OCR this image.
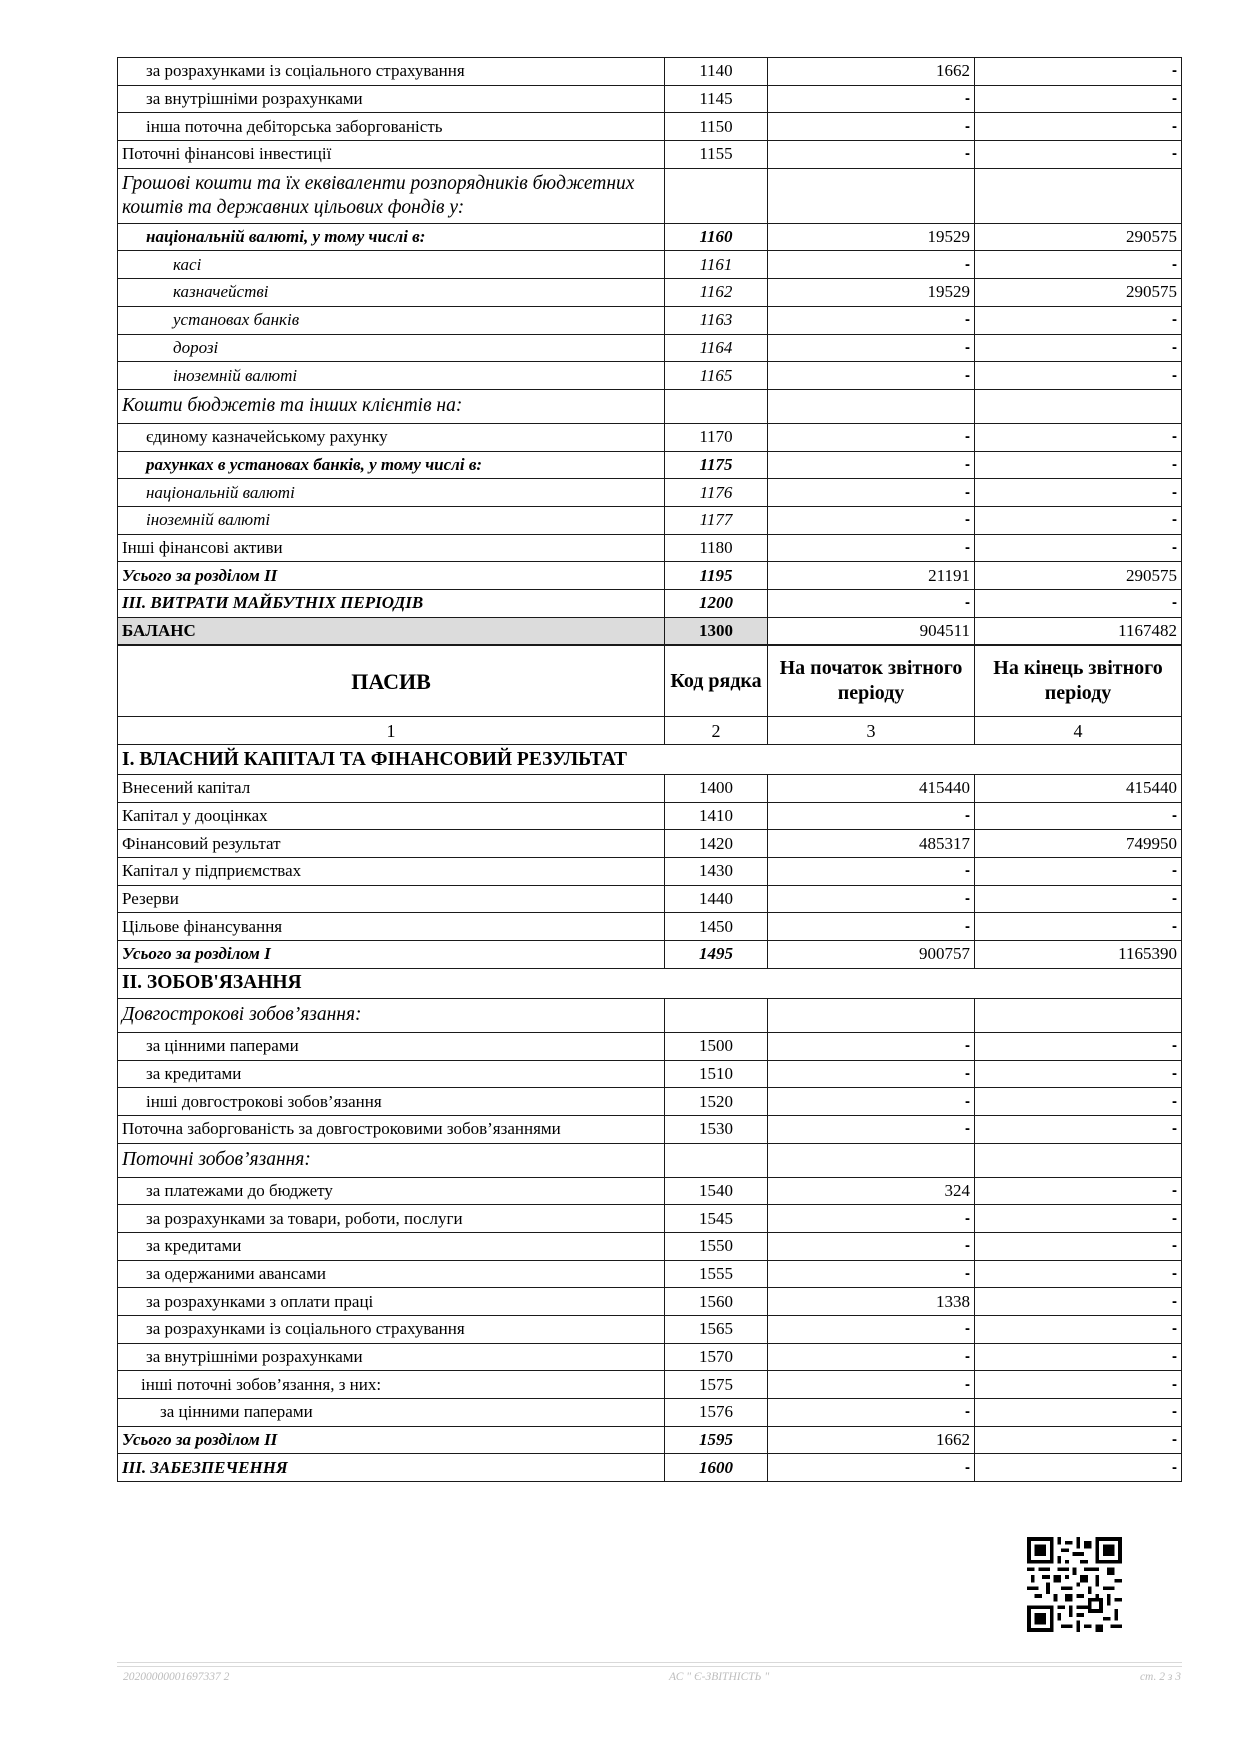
за розрахунками із соціального страхування	1140	1662	-
за внутрішніми розрахунками	1145	-	-
інша поточна дебіторська заборгованість	1150	-	-
Поточні фінансові інвестиції	1155	-	-
Грошові кошти та їх еквіваленти розпорядників бюджетних коштів та державних цільових фондів у:			
національній валюті, у тому числі в:	1160	19529	290575
касі	1161	-	-
казначействі	1162	19529	290575
установах банків	1163	-	-
дорозі	1164	-	-
іноземній валюті	1165	-	-
Кошти бюджетів та інших клієнтів на:			
єдиному казначейському рахунку	1170	-	-
рахунках в установах банків, у тому числі в:	1175	-	-
національній валюті	1176	-	-
іноземній валюті	1177	-	-
Інші фінансові активи	1180	-	-
Усього за розділом II	1195	21191	290575
III. ВИТРАТИ МАЙБУТНІХ ПЕРІОДІВ	1200	-	-
БАЛАНС	1300	904511	1167482
ПАСИВ	Код рядка	На початок звітного періоду	На кінець звітного періоду
1	2	3	4
І. ВЛАСНИЙ КАПІТАЛ ТА ФІНАНСОВИЙ РЕЗУЛЬТАТ			
Внесений капітал	1400	415440	415440
Капітал у дооцінках	1410	-	-
Фінансовий результат	1420	485317	749950
Капітал у підприємствах	1430	-	-
Резерви	1440	-	-
Цільове фінансування	1450	-	-
Усього за розділом I	1495	900757	1165390
ІІ. ЗОБОВ'ЯЗАННЯ			
Довгострокові зобов’язання:			
за цінними паперами	1500	-	-
за кредитами	1510	-	-
інші довгострокові зобов’язання	1520	-	-
Поточна заборгованість за довгостроковими зобов’язаннями	1530	-	-
Поточні зобов’язання:			
за платежами до бюджету	1540	324	-
за розрахунками за товари, роботи, послуги	1545	-	-
за кредитами	1550	-	-
за одержаними авансами	1555	-	-
за розрахунками з оплати праці	1560	1338	-
за розрахунками із соціального страхування	1565	-	-
за внутрішніми розрахунками	1570	-	-
інші поточні зобов’язання, з них:	1575	-	-
за цінними паперами	1576	-	-
Усього за розділом II	1595	1662	-
III. ЗАБЕЗПЕЧЕННЯ	1600	-	-
20200000001697337 2	АС " Є-ЗВІТНІСТЬ "	ст. 2 з 3
